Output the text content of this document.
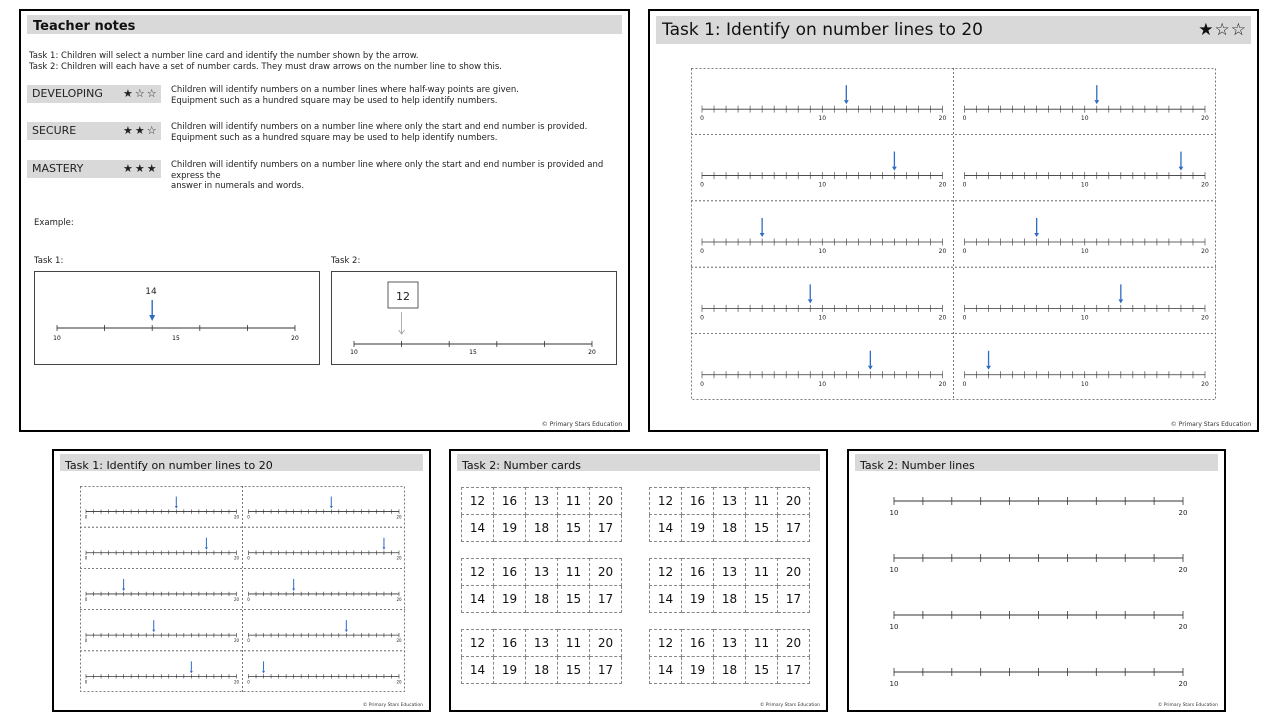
Teacher notes
Task 1: Children will select a number line card and identify the number shown by the arrow.
Task 2: Children will each have a set of number cards. They must draw arrows on the number line to show this.
DEVELOPING ★☆☆ Children will identify numbers on a number lines where half-way points are given.
Equipment such as a hundred square may be used to help identify numbers.
SECURE	★★☆ Children will identify numbers on a number line where only the start and end number is provided.
Equipment such as a hundred square may be used to help identify numbers.
MASTERY	★★★ Children will identify numbers on a number line where only the start and end number is provided and express the
answer in numerals and words.
Example:
Task 1:	Task 2:
14
10	15	20
12
10	15	20
© Primary Stars Education
Task 1: Identify on number lines to 20	★☆☆
0	10	20	0	10	20
0	10	20	0	10	20
0	10	20	0	10	20
0	10	20	0	10	20
0	10	20	0	10	20
© Primary Stars Education
Task 1: Identify on number lines to 20
0	20 0	20
0	20 0	20
0	20 0	20
0	20 0	20
0	20 0	20
© Primary Stars Education
Task 2: Number cards
12	16	13	11	20
14	19	18	15	17
12	16	13	11	20
14	19	18	15	17
12	16	13	11	20
14	19	18	15	17
12	16	13	11	20
14	19	18	15	17
12	16	13	11	20
14	19	18	15	17
12	16	13	11	20
14	19	18	15	17
© Primary Stars Education
Task 2: Number lines
10	20
10	20
10	20
10	20
© Primary Stars Education
